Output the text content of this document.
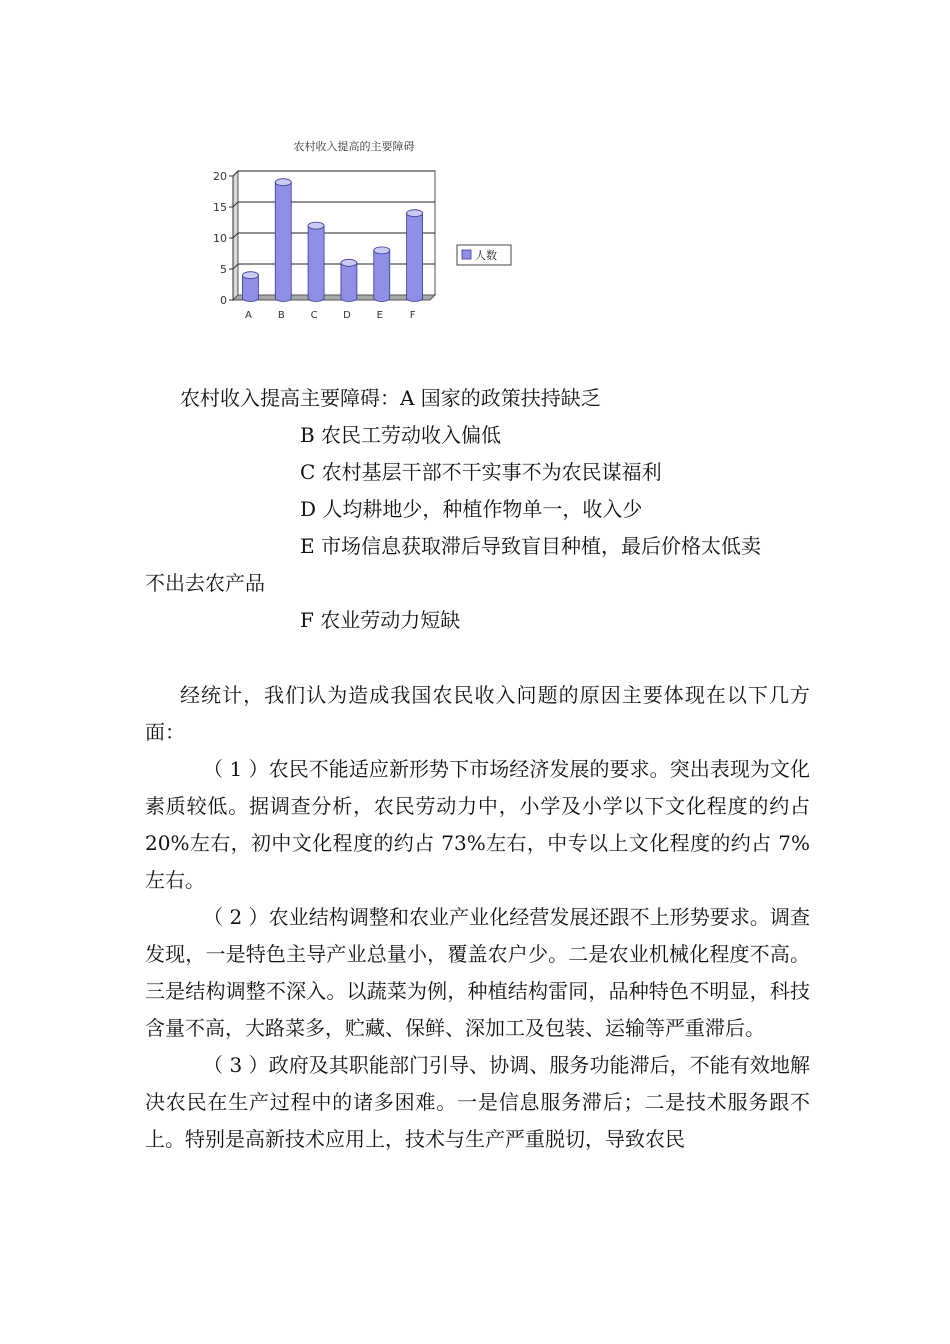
农村收入提高的主要障碍
0
5
10
15
20
A	B	C	D	E	F
人数
农村收入提高主要障碍：A 国家的政策扶持缺乏
B 农民工劳动收入偏低
C 农村基层干部不干实事不为农民谋福利
D 人均耕地少，种植作物单一，收入少
E 市场信息获取滞后导致盲目种植，最后价格太低卖
不出去农产品
F 农业劳动力短缺
经统计，我们认为造成我国农民收入问题的原因主要体现在以下几方面：
（ 1 ）农民不能适应新形势下市场经济发展的要求。突出表现为文化素质较低。据调查分析，农民劳动力中，小学及小学以下文化程度的约占 20%左右，初中文化程度的约占 73%左右，中专以上文化程度的约占 7%左右。
（ 2 ）农业结构调整和农业产业化经营发展还跟不上形势要求。调查发现，一是特色主导产业总量小，覆盖农户少。二是农业机械化程度不高。三是结构调整不深入。以蔬菜为例，种植结构雷同，品种特色不明显，科技含量不高，大路菜多，贮藏、保鲜、深加工及包装、运输等严重滞后。
（ 3 ）政府及其职能部门引导、协调、服务功能滞后，不能有效地解决农民在生产过程中的诸多困难。一是信息服务滞后；二是技术服务跟不上。特别是高新技术应用上，技术与生产严重脱切，导致农民
